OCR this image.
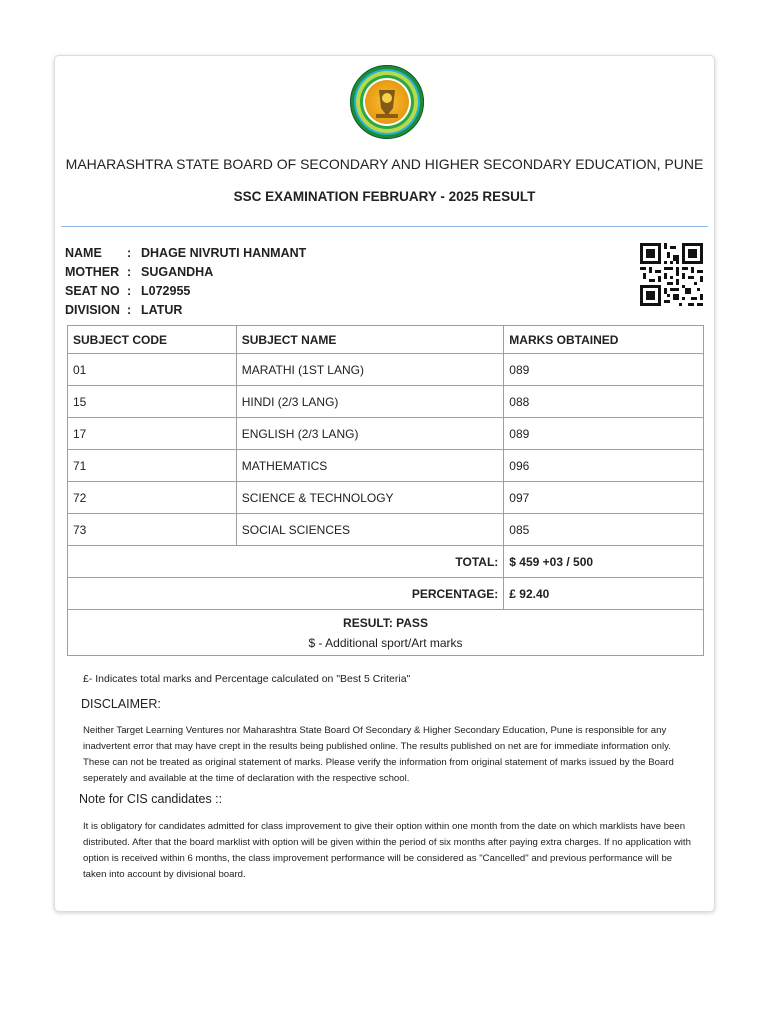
MAHARASHTRA STATE BOARD OF SECONDARY AND HIGHER SECONDARY EDUCATION, PUNE
SSC EXAMINATION FEBRUARY - 2025 RESULT
NAME : DHAGE NIVRUTI HANMANT
MOTHER : SUGANDHA
SEAT NO : L072955
DIVISION : LATUR
SUBJECT CODE	SUBJECT NAME	MARKS OBTAINED
01	MARATHI (1ST LANG)	089
15	HINDI (2/3 LANG)	088
17	ENGLISH (2/3 LANG)	089
71	MATHEMATICS	096
72	SCIENCE & TECHNOLOGY	097
73	SOCIAL SCIENCES	085
TOTAL:		$ 459 +03 / 500
PERCENTAGE:		£ 92.40

RESULT: PASS
$ - Additional sport/Art marks		
£- Indicates total marks and Percentage calculated on "Best 5 Criteria"
DISCLAIMER:
Neither Target Learning Ventures nor Maharashtra State Board Of Secondary & Higher Secondary Education, Pune is responsible for any inadvertent error that may have crept in the results being published online. The results published on net are for immediate information only. These can not be treated as original statement of marks. Please verify the information from original statement of marks issued by the Board seperately and available at the time of declaration with the respective school.
Note for CIS candidates ::
It is obligatory for candidates admitted for class improvement to give their option within one month from the date on which marklists have been distributed. After that the board marklist with option will be given within the period of six months after paying extra charges. If no application with option is received within 6 months, the class improvement performance will be considered as "Cancelled" and previous performance will be taken into account by divisional board.
